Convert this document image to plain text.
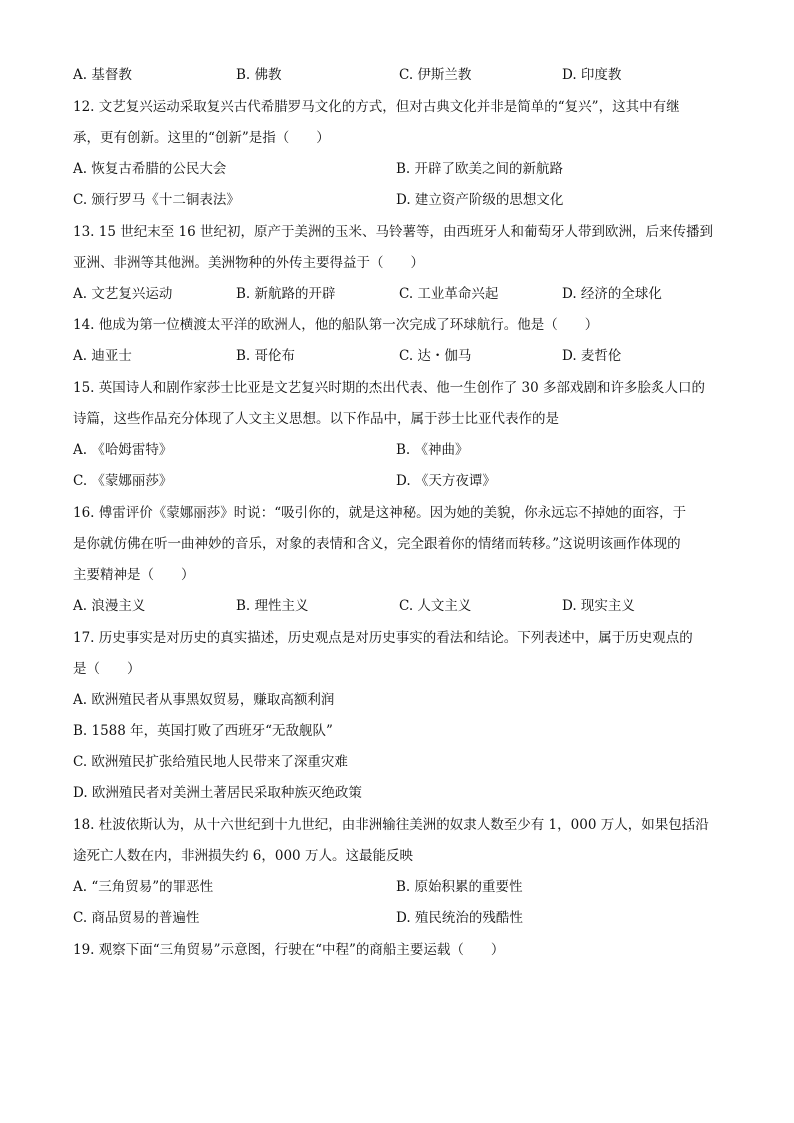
A. 基督教	B. 佛教	C. 伊斯兰教	D. 印度教
12. 文艺复兴运动采取复兴古代希腊罗马文化的方式，但对古典文化并非是简单的“复兴”，这其中有继
承，更有创新。这里的“创新”是指（　　）
A. 恢复古希腊的公民大会	B. 开辟了欧美之间的新航路
C. 颁行罗马《十二铜表法》	D. 建立资产阶级的思想文化
13. 15 世纪末至 16 世纪初，原产于美洲的玉米、马铃薯等，由西班牙人和葡萄牙人带到欧洲，后来传播到
亚洲、非洲等其他洲。美洲物种的外传主要得益于（　　）
A. 文艺复兴运动	B. 新航路的开辟	C. 工业革命兴起	D. 经济的全球化
14. 他成为第一位横渡太平洋的欧洲人，他的船队第一次完成了环球航行。他是（　　）
A. 迪亚士	B. 哥伦布	C. 达・伽马	D. 麦哲伦
15. 英国诗人和剧作家莎士比亚是文艺复兴时期的杰出代表、他一生创作了 30 多部戏剧和许多脍炙人口的
诗篇，这些作品充分体现了人文主义思想。以下作品中，属于莎士比亚代表作的是
A. 《哈姆雷特》	B. 《神曲》
C. 《蒙娜丽莎》	D. 《天方夜谭》
16. 傅雷评价《蒙娜丽莎》时说：“吸引你的，就是这神秘。因为她的美貌，你永远忘不掉她的面容，于
是你就仿佛在听一曲神妙的音乐，对象的表情和含义，完全跟着你的情绪而转移。”这说明该画作体现的
主要精神是（　　）
A. 浪漫主义	B. 理性主义	C. 人文主义	D. 现实主义
17. 历史事实是对历史的真实描述，历史观点是对历史事实的看法和结论。下列表述中，属于历史观点的
是（　　）
A. 欧洲殖民者从事黑奴贸易，赚取高额利润
B. 1588 年，英国打败了西班牙“无敌舰队”
C. 欧洲殖民扩张给殖民地人民带来了深重灾难
D. 欧洲殖民者对美洲土著居民采取种族灭绝政策
18. 杜波依斯认为，从十六世纪到十九世纪，由非洲输往美洲的奴隶人数至少有 1，000 万人，如果包括沿
途死亡人数在内，非洲损失约 6，000 万人。这最能反映
A. “三角贸易”的罪恶性	B. 原始积累的重要性
C. 商品贸易的普遍性	D. 殖民统治的残酷性
19. 观察下面“三角贸易”示意图，行驶在“中程”的商船主要运载（　　）
